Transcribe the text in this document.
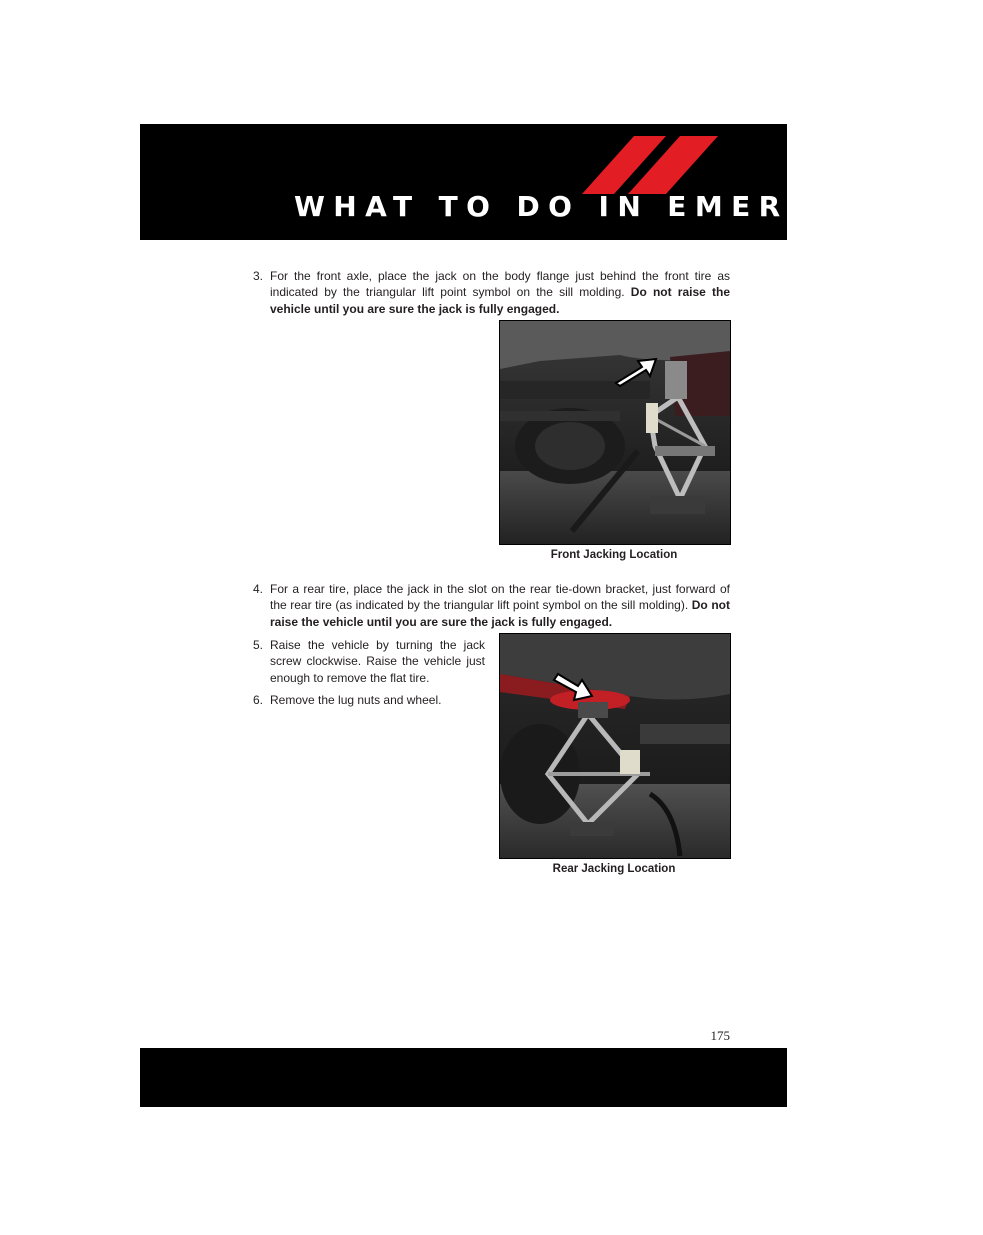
WHAT TO DO IN EMERGENCIES
3. For the front axle, place the jack on the body flange just behind the front tire as indicated by the triangular lift point symbol on the sill molding. Do not raise the vehicle until you are sure the jack is fully engaged.
Front Jacking Location
4. For a rear tire, place the jack in the slot on the rear tie-down bracket, just forward of the rear tire (as indicated by the triangular lift point symbol on the sill molding). Do not raise the vehicle until you are sure the jack is fully engaged.
5. Raise the vehicle by turning the jack screw clockwise. Raise the vehicle just enough to remove the flat tire.
6. Remove the lug nuts and wheel.
Rear Jacking Location
175
